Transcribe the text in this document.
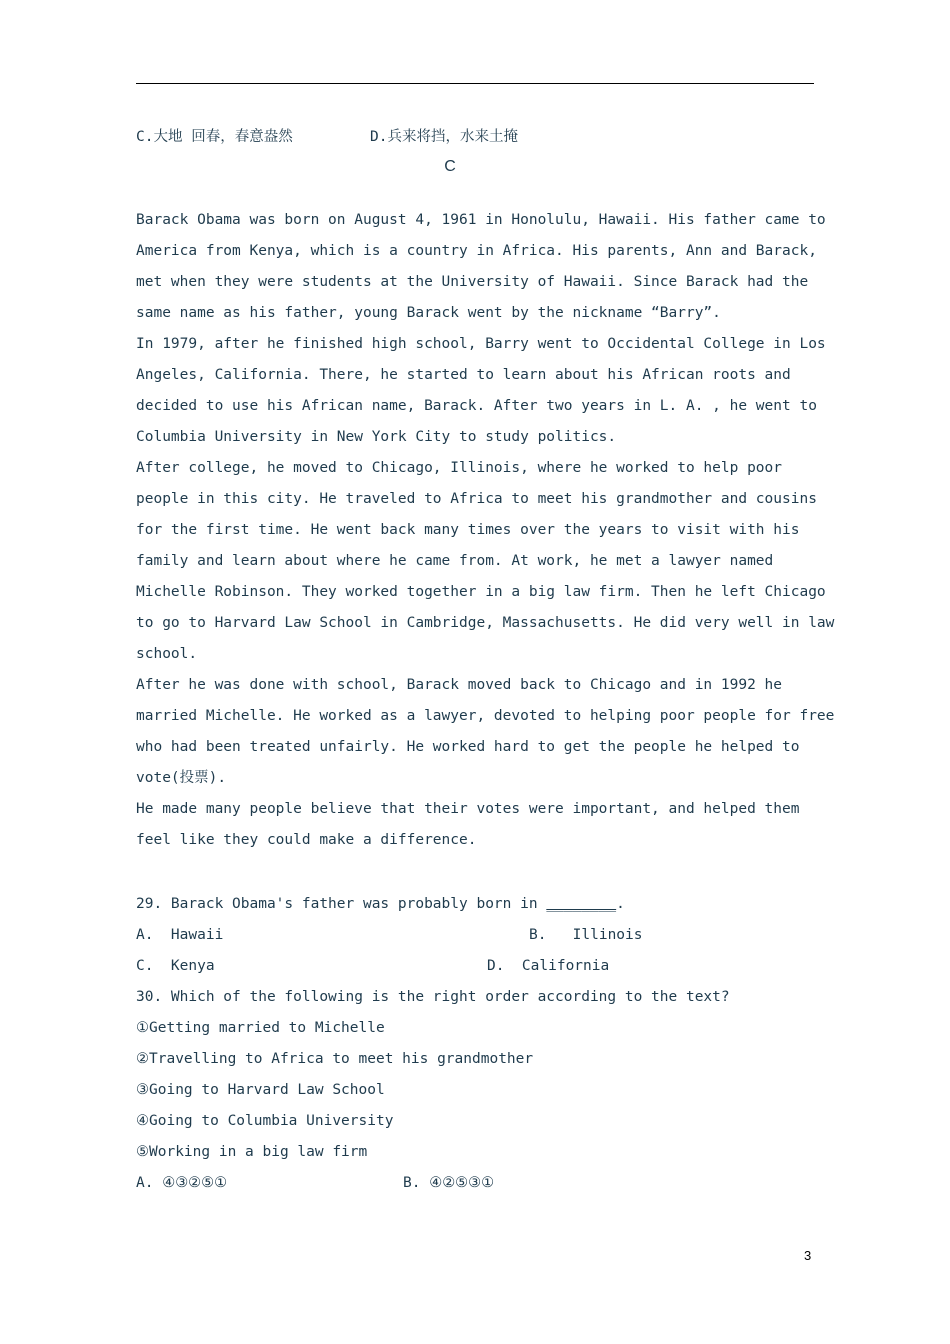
C.大地 回春，春意盎然	D.兵来将挡，水来土掩
C
Barack Obama was born on August 4, 1961 in Honolulu, Hawaii. His father came to
America from Kenya, which is a country in Africa. His parents, Ann and Barack,
met when they were students at the University of Hawaii. Since Barack had the
same name as his father, young Barack went by the nickname “Barry”.
In 1979, after he finished high school, Barry went to Occidental College in Los
Angeles, California. There, he started to learn about his African roots and
decided to use his African name, Barack. After two years in L. A. , he went to
Columbia University in New York City to study politics.
After college, he moved to Chicago, Illinois, where he worked to help poor
people in this city. He traveled to Africa to meet his grandmother and cousins
for the first time. He went back many times over the years to visit with his
family and learn about where he came from. At work, he met a lawyer named
Michelle Robinson. They worked together in a big law firm. Then he left Chicago
to go to Harvard Law School in Cambridge, Massachusetts. He did very well in law
school.
After he was done with school, Barack moved back to Chicago and in 1992 he
married Michelle. He worked as a lawyer, devoted to helping poor people for free
who had been treated unfairly. He worked hard to get the people he helped to
vote(投票).
He made many people believe that their votes were important, and helped them
feel like they could make a difference.
29. Barack Obama's father was probably born in ________.
A.  Hawaii	B.   Illinois
C.  Kenya	D.  California
30. Which of the following is the right order according to the text?
①Getting married to Michelle
②Travelling to Africa to meet his grandmother
③Going to Harvard Law School
④Going to Columbia University
⑤Working in a big law firm
A. ④③②⑤①	B. ④②⑤③①
3
